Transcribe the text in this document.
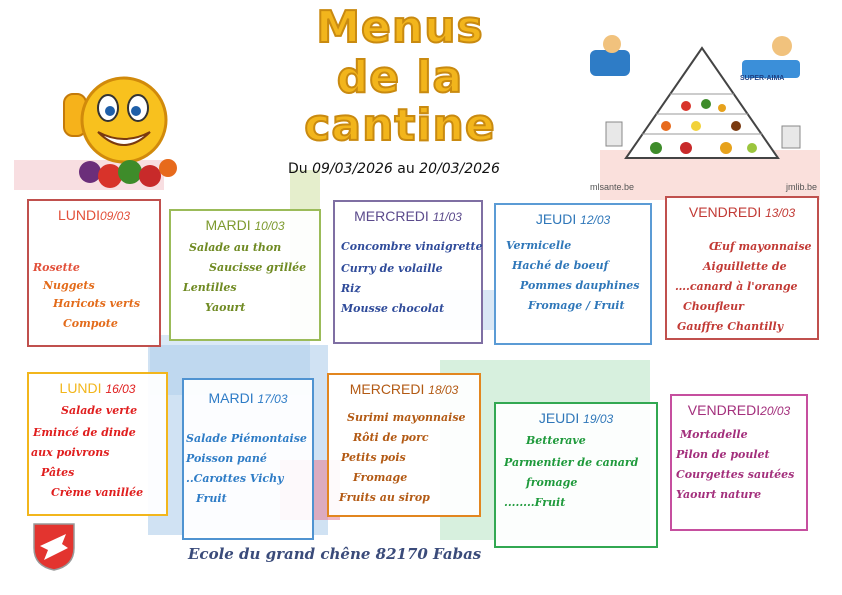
Menus
de la
cantine
Du 09/03/2026 au 20/03/2026
mlsante.be	jmlib.be
SUPER-AIMA
LUNDI09/03
Rosette
Nuggets
Haricots verts
Compote
MARDI 10/03
Salade au thon
Saucisse grillée
Lentilles
Yaourt
MERCREDI 11/03
Concombre vinaigrette
Curry de volaille
Riz
Mousse chocolat
JEUDI 12/03
Vermicelle
Haché de boeuf
Pommes dauphines
Fromage / Fruit
VENDREDI 13/03
Œuf mayonnaise
Aiguillette de
….canard à l'orange
Choufleur
Gauffre Chantilly
LUNDI 16/03
Salade verte
Emincé de dinde
aux poivrons
Pâtes
Crème vanillée
MARDI 17/03
Salade Piémontaise
Poisson pané
..Carottes Vichy
Fruit
MERCREDI 18/03
Surimi mayonnaise
Rôti de porc
Petits pois
Fromage
Fruits au sirop
JEUDI 19/03
Betterave
Parmentier de canard
fromage
........Fruit
VENDREDI20/03
Mortadelle
Pilon de poulet
Courgettes sautées
Yaourt nature
Ecole du grand chêne 82170 Fabas
